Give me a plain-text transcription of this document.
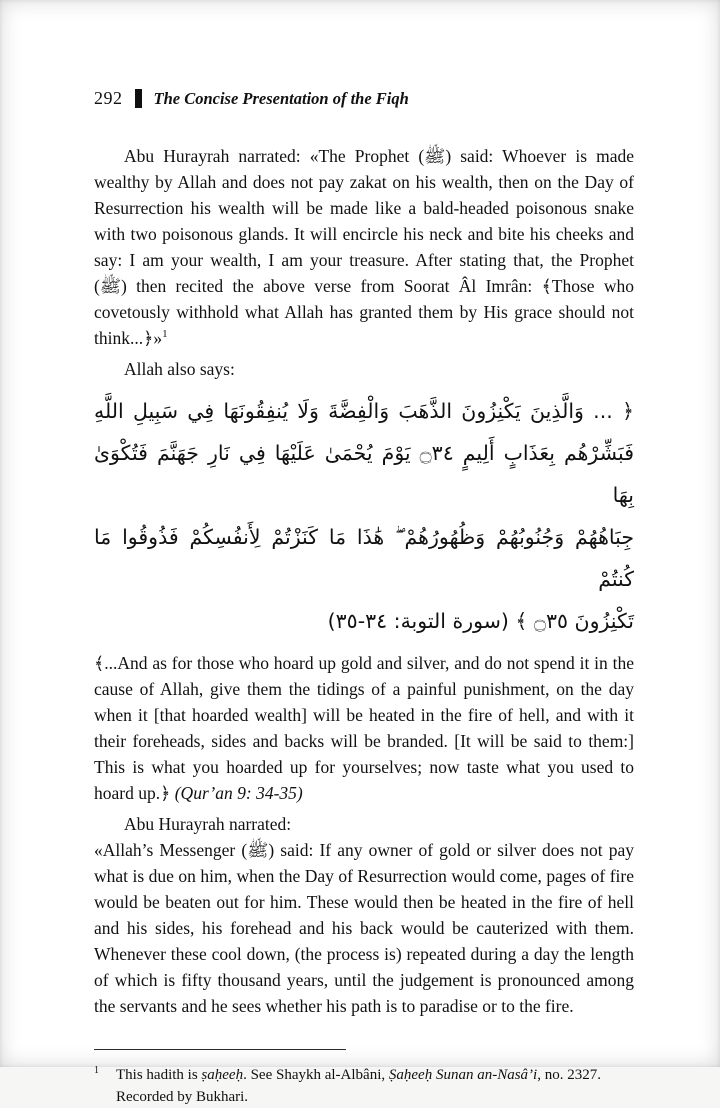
292 The Concise Presentation of the Fiqh

Abu Hurayrah narrated: «The Prophet (ﷺ) said: Whoever is made wealthy by Allah and does not pay zakat on his wealth, then on the Day of Resurrection his wealth will be made like a bald-headed poisonous snake with two poisonous glands. It will encircle his neck and bite his cheeks and say: I am your wealth, I am your treasure. After stating that, the Prophet (ﷺ) then recited the above verse from Soorat Âl Imrân: ﴾Those who covetously withhold what Allah has granted them by His grace should not think...﴿»$^1$

Allah also says:

﴿ ... وَالَّذِينَ يَكْنِزُونَ الذَّهَبَ وَالْفِضَّةَ وَلَا يُنفِقُونَهَا فِي سَبِيلِ اللَّهِ
فَبَشِّرْهُم بِعَذَابٍ أَلِيمٍ ۝٣٤ يَوْمَ يُحْمَىٰ عَلَيْهَا فِي نَارِ جَهَنَّمَ فَتُكْوَىٰ بِهَا
جِبَاهُهُمْ وَجُنُوبُهُمْ وَظُهُورُهُمْ ۖ هَٰذَا مَا كَنَزْتُمْ لِأَنفُسِكُمْ فَذُوقُوا مَا كُنتُمْ
تَكْنِزُونَ ۝٣٥ ﴾ (سورة التوبة: ٣٤-٣٥)

﴾...And as for those who hoard up gold and silver, and do not spend it in the cause of Allah, give them the tidings of a painful punishment, on the day when it [that hoarded wealth] will be heated in the fire of hell, and with it their foreheads, sides and backs will be branded. [It will be said to them:] This is what you hoarded up for yourselves; now taste what you used to hoard up.﴿ (Qur’an 9: 34-35)

Abu Hurayrah narrated:

«Allah’s Messenger (ﷺ) said: If any owner of gold or silver does not pay what is due on him, when the Day of Resurrection would come, pages of fire would be beaten out for him. These would then be heated in the fire of hell and his sides, his forehead and his back would be cauterized with them. Whenever these cool down, (the process is) repeated during a day the length of which is fifty thousand years, until the judgement is pronounced among the servants and he sees whether his path is to paradise or to the fire.

1 This hadith is ṣaḥeeḥ. See Shaykh al-Albâni, Ṣaḥeeḥ Sunan an-Nasâ’i, no. 2327. Recorded by Bukhari.
